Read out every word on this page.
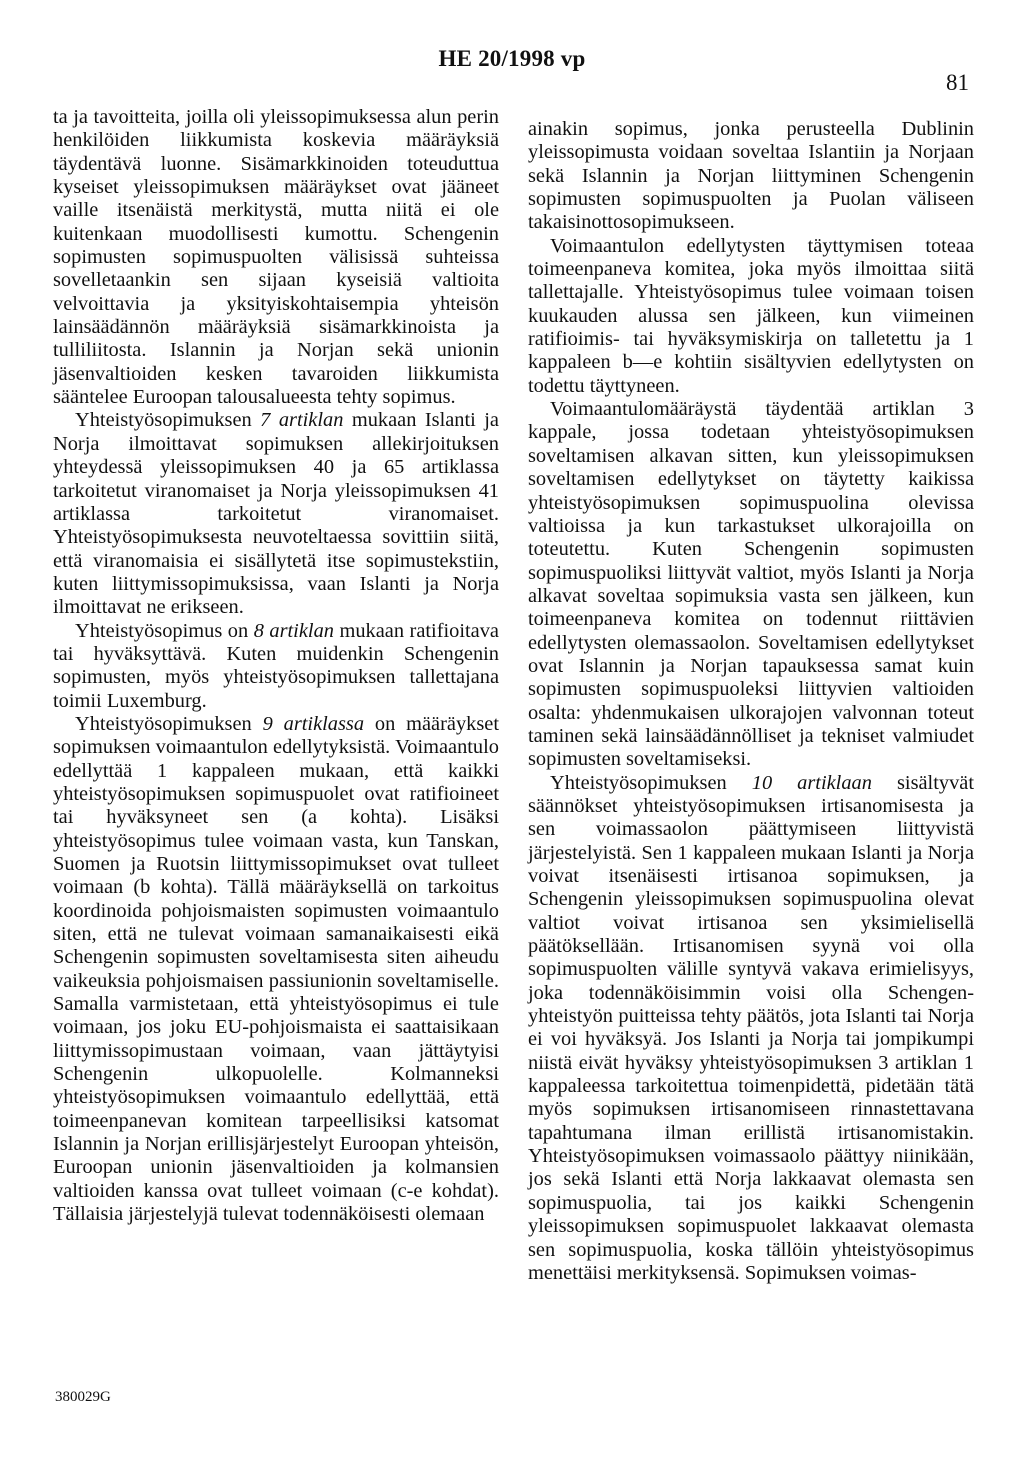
HE 20/1998 vp
81

ta ja tavoitteita, joilla oli yleissopimuksessa alun perin henkilöiden liikkumista koskevia määräyksiä täydentävä luonne. Sisämarkkinoiden toteuduttua kyseiset yleissopimuksen määräykset ovat jääneet vaille itsenäistä merkitystä, mutta niitä ei ole kuitenkaan muodollisesti kumottu. Schengenin sopimusten sopimuspuolten välisissä suhteissa sovelletaankin sen sijaan kyseisiä valtioita velvoittavia ja yksityiskohtaisempia yhteisön lainsäädännön määräyksiä sisämarkkinoista ja tulliliitosta. Islannin ja Norjan sekä unionin jäsenvaltioiden kesken tavaroiden liikkumista sääntelee Euroopan talousalueesta tehty sopimus.

Yhteistyösopimuksen 7 artiklan mukaan Islanti ja Norja ilmoittavat sopimuksen allekirjoituksen yhteydessä yleissopimuksen 40 ja 65 artiklassa tarkoitetut viranomaiset ja Norja yleissopimuksen 41 artiklassa tarkoitetut viranomaiset. Yhteistyösopimuksesta neuvoteltaessa sovittiin siitä, että viranomaisia ei sisällytetä itse sopimustekstiin, kuten liittymissopimuksissa, vaan Islanti ja Norja ilmoittavat ne erikseen.

Yhteistyösopimus on 8 artiklan mukaan ratifioitava tai hyväksyttävä. Kuten muidenkin Schengenin sopimusten, myös yhteistyösopimuksen tallettajana toimii Luxemburg.

Yhteistyösopimuksen 9 artiklassa on määräykset sopimuksen voimaantulon edellytyksistä. Voimaantulo edellyttää 1 kappaleen mukaan, että kaikki yhteistyösopimuksen sopimuspuolet ovat ratifioineet tai hyväksyneet sen (a kohta). Lisäksi yhteistyösopimus tulee voimaan vasta, kun Tanskan, Suomen ja Ruotsin liittymissopimukset ovat tulleet voimaan (b kohta). Tällä määräyksellä on tarkoitus koordinoida pohjoismaisten sopimusten voimaantulo siten, että ne tulevat voimaan samanaikaisesti eikä Schengenin sopimusten soveltamisesta siten aiheudu vaikeuksia pohjoismaisen passiunionin soveltamiselle. Samalla varmistetaan, että yhteistyösopimus ei tule voimaan, jos joku EU-pohjoismaista ei saattaisikaan liittymissopimustaan voimaan, vaan jättäytyisi Schengenin ulkopuolelle. Kolmanneksi yhteistyösopimuksen voimaantulo edellyttää, että toimeenpanevan komitean tarpeellisiksi katsomat Islannin ja Norjan erillisjärjestelyt Euroopan yhteisön, Euroopan unionin jäsenvaltioiden ja kolmansien valtioiden kanssa ovat tulleet voimaan (c-e kohdat). Tällaisia järjestelyjä tulevat todennäköisesti olemaan

ainakin sopimus, jonka perusteella Dublinin yleissopimusta voidaan soveltaa Islantiin ja Norjaan sekä Islannin ja Norjan liittyminen Schengenin sopimusten sopimuspuolten ja Puolan väliseen takaisinottosopimukseen.

Voimaantulon edellytysten täyttymisen toteaa toimeenpaneva komitea, joka myös ilmoittaa siitä tallettajalle. Yhteistyösopimus tulee voimaan toisen kuukauden alussa sen jälkeen, kun viimeinen ratifioimis- tai hyväksymiskirja on talletettu ja 1 kappaleen b—e kohtiin sisältyvien edellytysten on todettu täyttyneen.

Voimaantulomääräystä täydentää artiklan 3 kappale, jossa todetaan yhteistyösopimuksen soveltamisen alkavan sitten, kun yleissopimuksen soveltamisen edellytykset on täytetty kaikissa yhteistyösopimuksen sopimuspuolina olevissa valtioissa ja kun tarkastukset ulkorajoilla on toteutettu. Kuten Schengenin sopimusten sopimuspuoliksi liittyvät valtiot, myös Islanti ja Norja alkavat soveltaa sopimuksia vasta sen jälkeen, kun toimeenpaneva komitea on todennut riittävien edellytysten olemassaolon. Soveltamisen edellytykset ovat Islannin ja Norjan tapauksessa samat kuin sopimusten sopimuspuoleksi liittyvien valtioiden osalta: yhdenmukaisen ulkorajojen valvonnan toteut taminen sekä lainsäädännölliset ja tekniset valmiudet sopimusten soveltamiseksi.

Yhteistyösopimuksen 10 artiklaan sisältyvät säännökset yhteistyösopimuksen irtisanomisesta ja sen voimassaolon päättymiseen liittyvistä järjestelyistä. Sen 1 kappaleen mukaan Islanti ja Norja voivat itsenäisesti irtisanoa sopimuksen, ja Schengenin yleissopimuksen sopimuspuolina olevat valtiot voivat irtisanoa sen yksimielisellä päätöksellään. Irtisanomisen syynä voi olla sopimuspuolten välille syntyvä vakava erimielisyys, joka todennäköisimmin voisi olla Schengen-yhteistyön puitteissa tehty päätös, jota Islanti tai Norja ei voi hyväksyä. Jos Islanti ja Norja tai jompikumpi niistä eivät hyväksy yhteistyösopimuksen 3 artiklan 1 kappaleessa tarkoitettua toimenpidettä, pidetään tätä myös sopimuksen irtisanomiseen rinnastettavana tapahtumana ilman erillistä irtisanomistakin. Yhteistyösopimuksen voimassaolo päättyy niinikään, jos sekä Islanti että Norja lakkaavat olemasta sen sopimuspuolia, tai jos kaikki Schengenin yleissopimuksen sopimuspuolet lakkaavat olemasta sen sopimuspuolia, koska tällöin yhteistyösopimus menettäisi merkityksensä. Sopimuksen voimas-

380029G
